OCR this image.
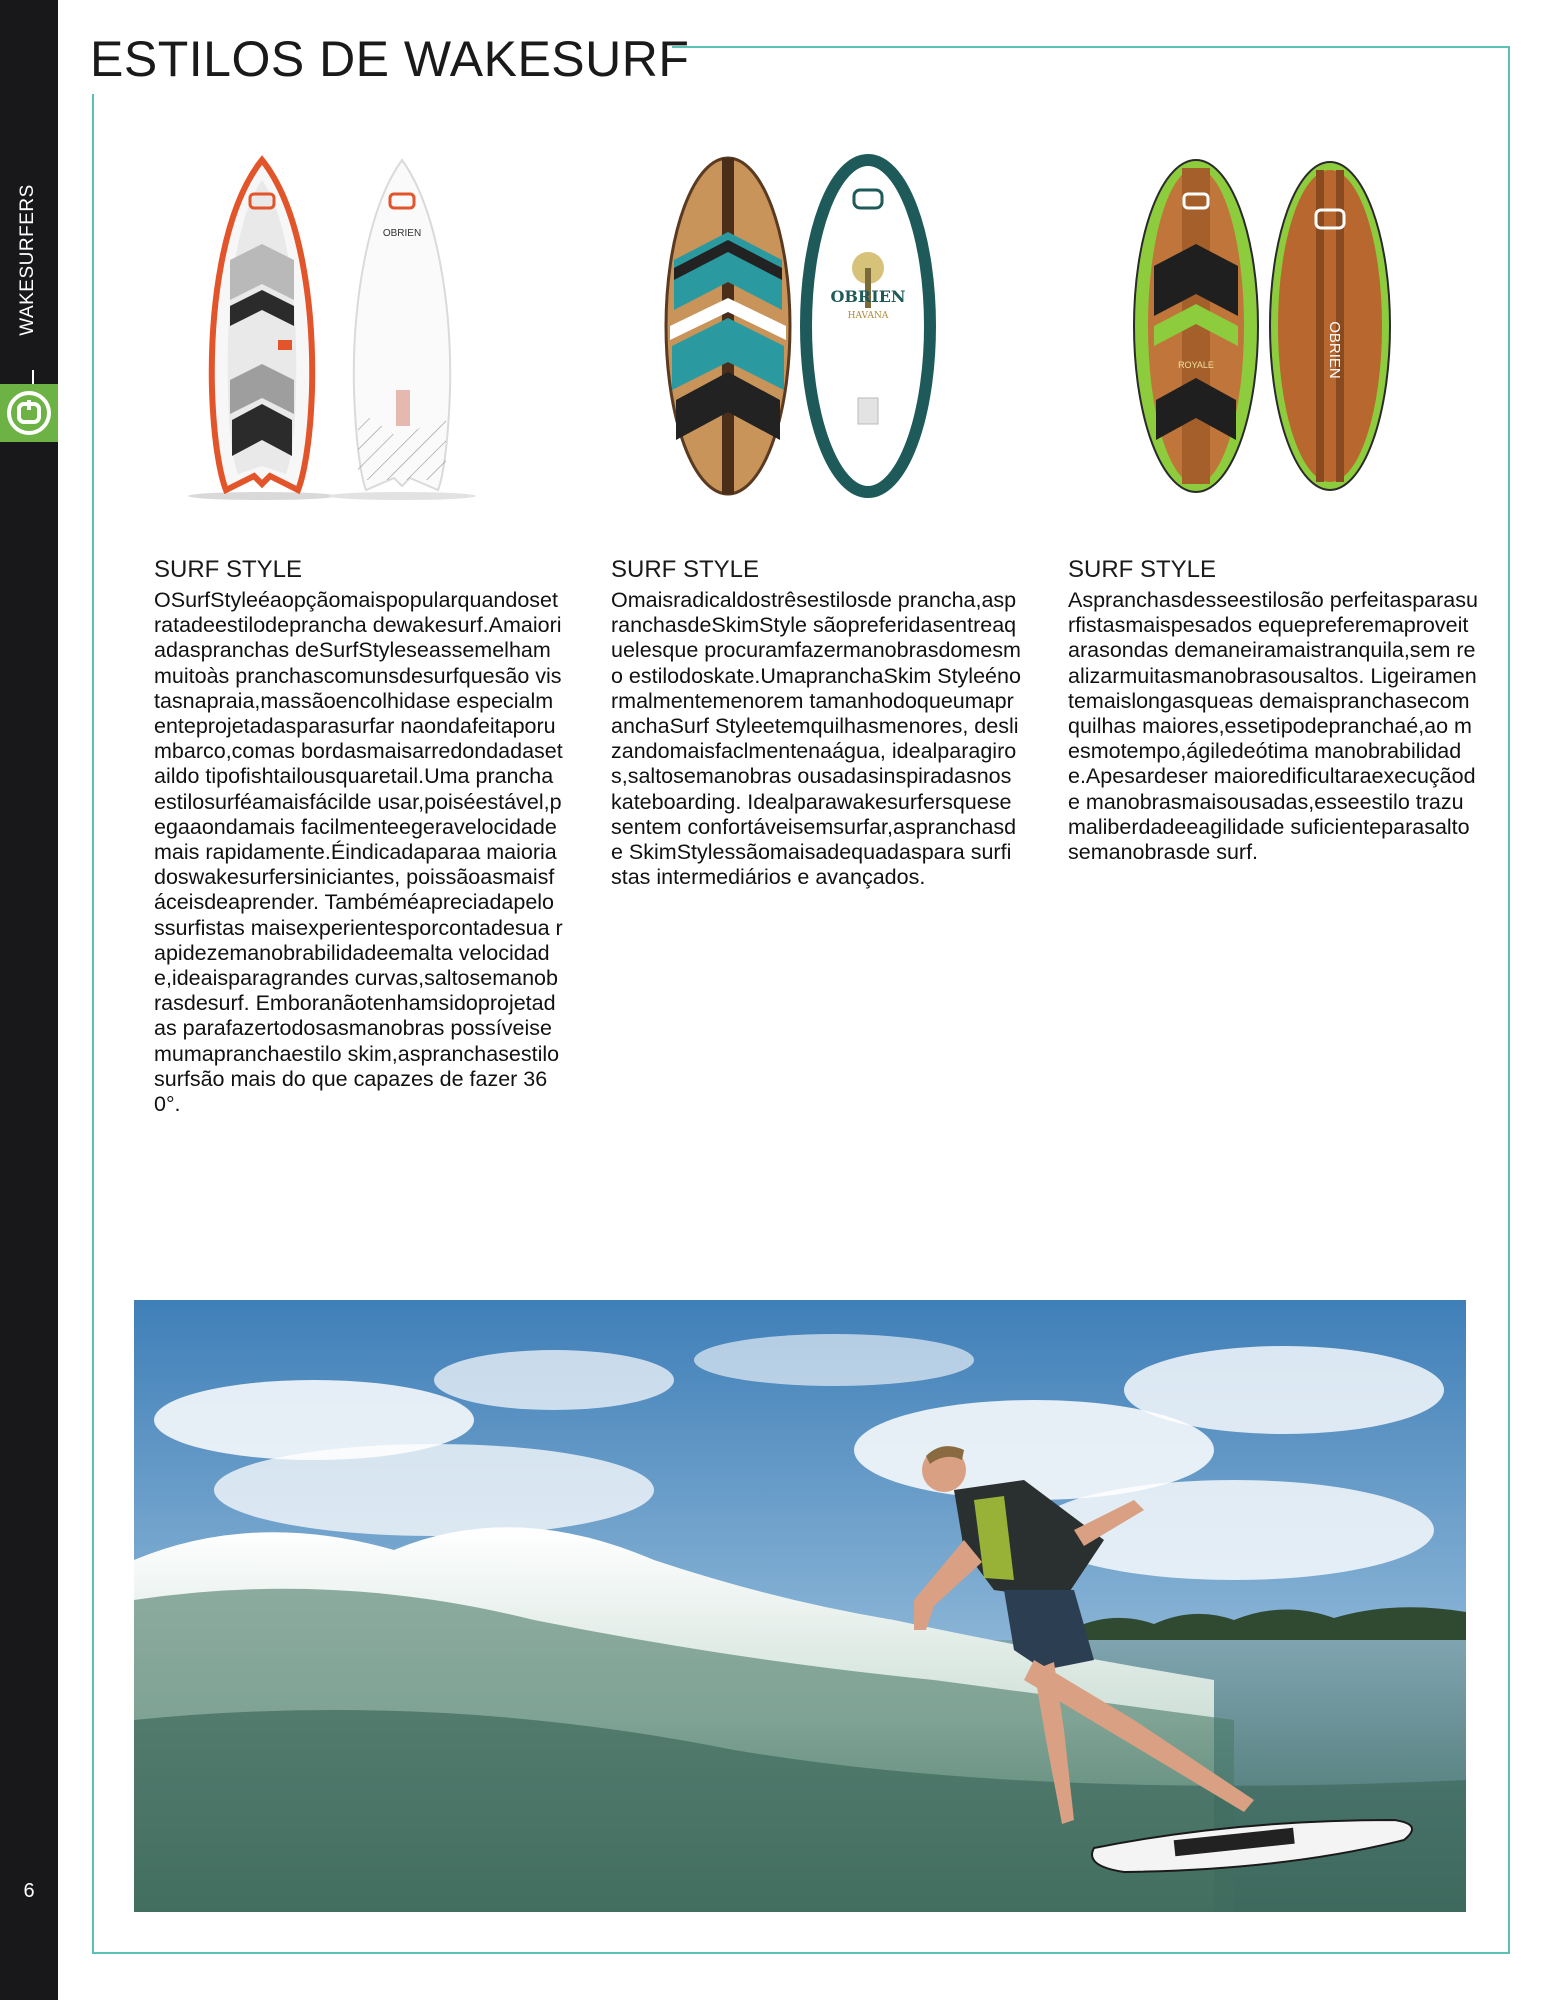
WAKESURFERS
6
ESTILOS DE WAKESURF
OBRIEN
OBRIEN
HAVANA
ROYALE	OBRIEN
SURF STYLE

OSurfStyleéaopçãomaispopularquandosetratadeestilodeprancha dewakesurf.Amaioriadaspranchas deSurfStyleseassemelhammuitoàs pranchascomunsdesurfquesão vistasnapraia,massãoencolhidase especialmenteprojetadasparasurfar naondafeitaporumbarco,comas bordasmaisarredondadasetaildo tipofishtailousquaretail.Uma pranchaestilosurféamaisfácilde usar,poiséestável,pegaaondamais facilmenteegeravelocidademais rapidamente.Éindicadaparaa maioriadoswakesurfersiniciantes, poissãoasmaisfáceisdeaprender. Tambéméapreciadapelossurfistas maisexperientesporcontadesua rapidezemanobrabilidadeemalta velocidade,ideaisparagrandes curvas,saltosemanobrasdesurf. Emboranãotenhamsidoprojetadas parafazertodosasmanobras possíveisemumapranchaestilo skim,aspranchasestilosurfsão mais do que capazes de fazer 360°.

SURF STYLE

Omaisradicaldostrêsestilosde prancha,aspranchasdeSkimStyle sãopreferidasentreaquelesque procuramfazermanobrasdomesmo estilodoskate.UmapranchaSkim Styleénormalmentemenorem tamanhodoqueumapranchaSurf Styleetemquilhasmenores, deslizandomaisfaclmentenaágua, idealparagiros,saltosemanobras ousadasinspiradasnoskateboarding. Idealparawakesurfersquesesentem confortáveisemsurfar,aspranchasde SkimStylessãomaisadequadaspara surfistas intermediários e avançados.

SURF STYLE

Aspranchasdesseestilosão perfeitasparasurfistasmaispesados equepreferemaproveitarasondas demaneiramaistranquila,sem realizarmuitasmanobrasousaltos. Ligeiramentemaislongasqueas demaispranchasecomquilhas maiores,essetipodepranchaé,ao mesmotempo,ágiledeótima manobrabilidade.Apesardeser maioredificultaraexecuçãode manobrasmaisousadas,esseestilo trazumaliberdadeeagilidade suficienteparasaltosemanobrasde surf.
